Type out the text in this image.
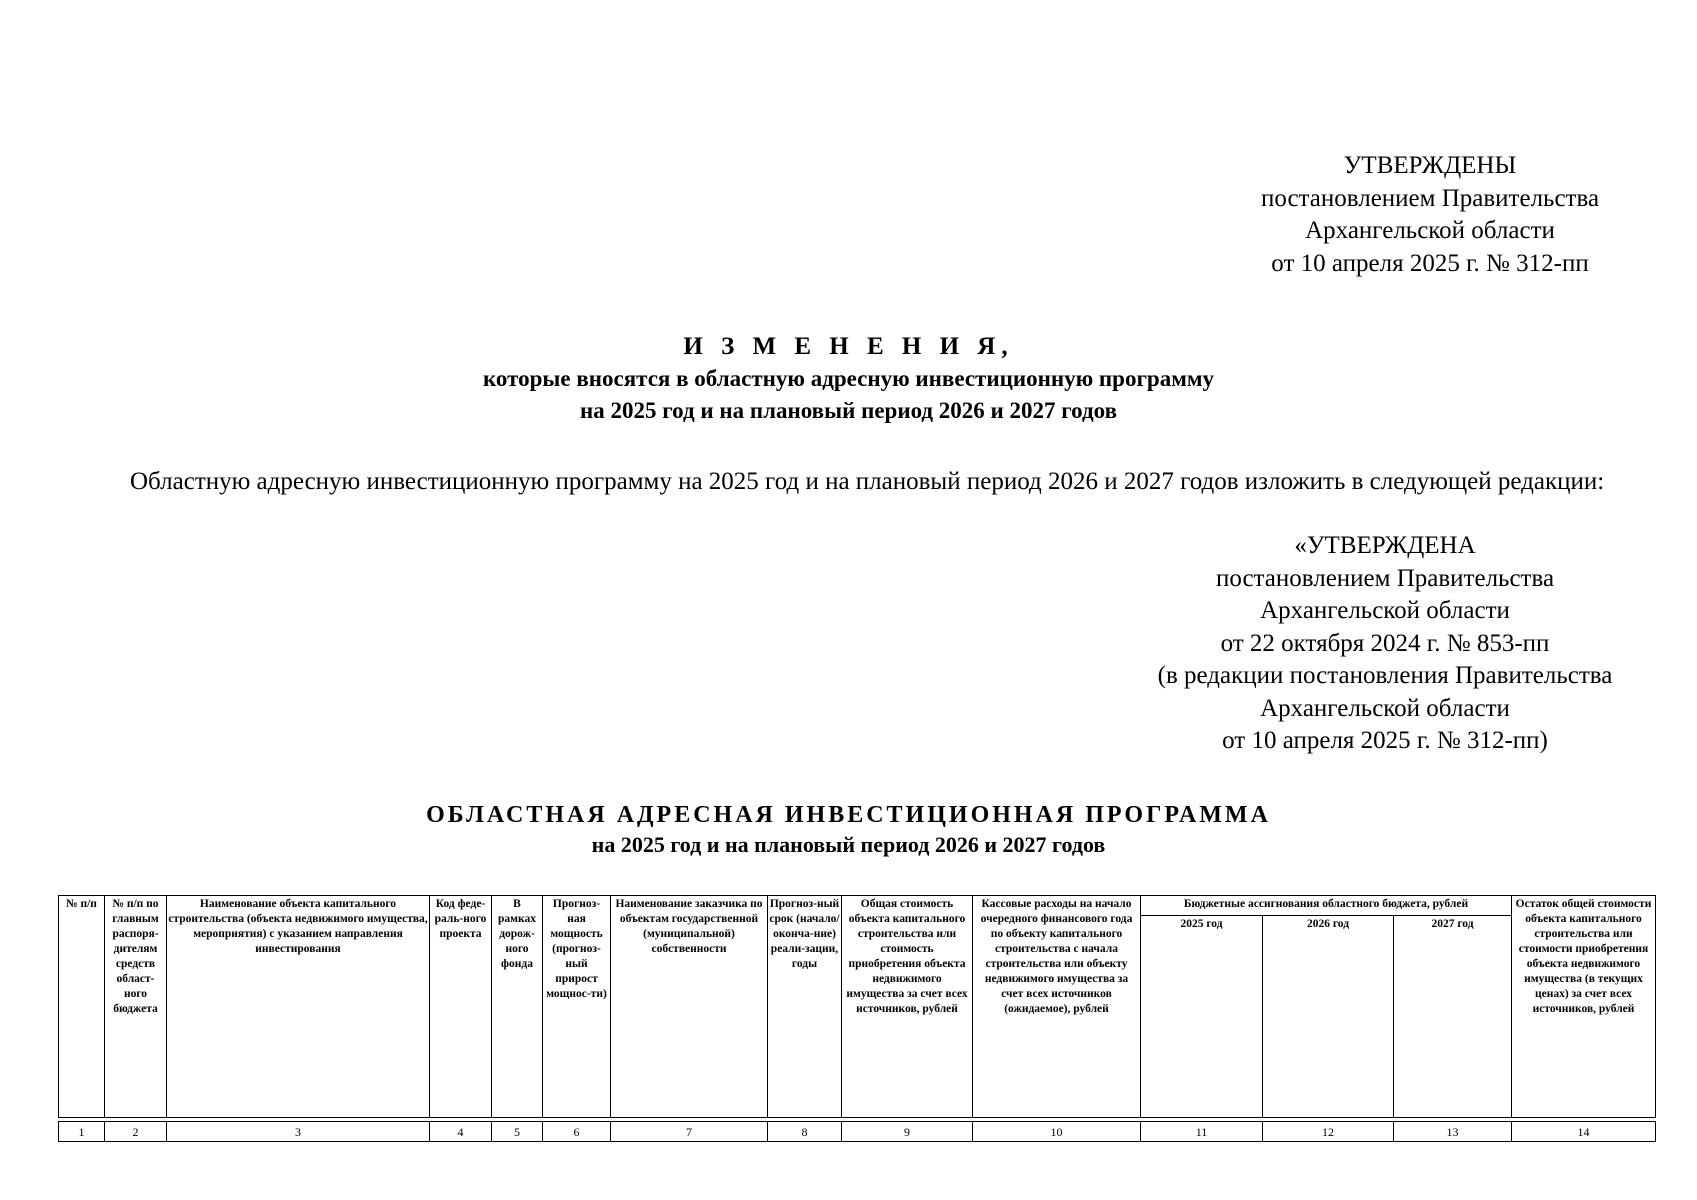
УТВЕРЖДЕНЫ
постановлением Правительства
Архангельской области
от 10 апреля 2025 г. № 312-пп
И З М Е Н Е Н И Я,
которые вносятся в областную адресную инвестиционную программу
на 2025 год и на плановый период 2026 и 2027 годов
Областную адресную инвестиционную программу на 2025 год и на плановый период 2026 и 2027 годов изложить в следующей редакции:
«УТВЕРЖДЕНА
постановлением Правительства
Архангельской области
от 22 октября 2024 г. № 853-пп
(в редакции постановления Правительства
Архангельской области
от 10 апреля 2025 г. № 312-пп)
ОБЛАСТНАЯ АДРЕСНАЯ ИНВЕСТИЦИОННАЯ ПРОГРАММА
на 2025 год и на плановый период 2026 и 2027 годов
№ п/п	№ п/п по главным распоря-дителям средств област-ного бюджета	Наименование объекта капитального строительства (объекта недвижимого имущества, мероприятия) с указанием направления инвестирования	Код феде-раль-ного проекта	В рамках дорож-ного фонда	Прогноз-ная мощность (прогноз-ный прирост мощнос-ти)	Наименование заказчика по объектам государственной (муниципальной) собственности	Прогноз-ный срок (начало/ оконча-ние) реали-зации, годы	Общая стоимость объекта капитального строительства или стоимость приобретения объекта недвижимого имущества за счет всех источников, рублей	Кассовые расходы на начало очередного финансового года по объекту капитального строительства с начала строительства или объекту недвижимого имущества за счет всех источников (ожидаемое), рублей	Бюджетные ассигнования областного бюджета, рублей			Остаток общей стоимости объекта капитального строительства или стоимости приобретения объекта недвижимого имущества (в текущих ценах) за счет всех источников, рублей
										2025 год	2026 год	2027 год	
1	2	3	4	5	6	7	8	9	10	11	12	13	14
